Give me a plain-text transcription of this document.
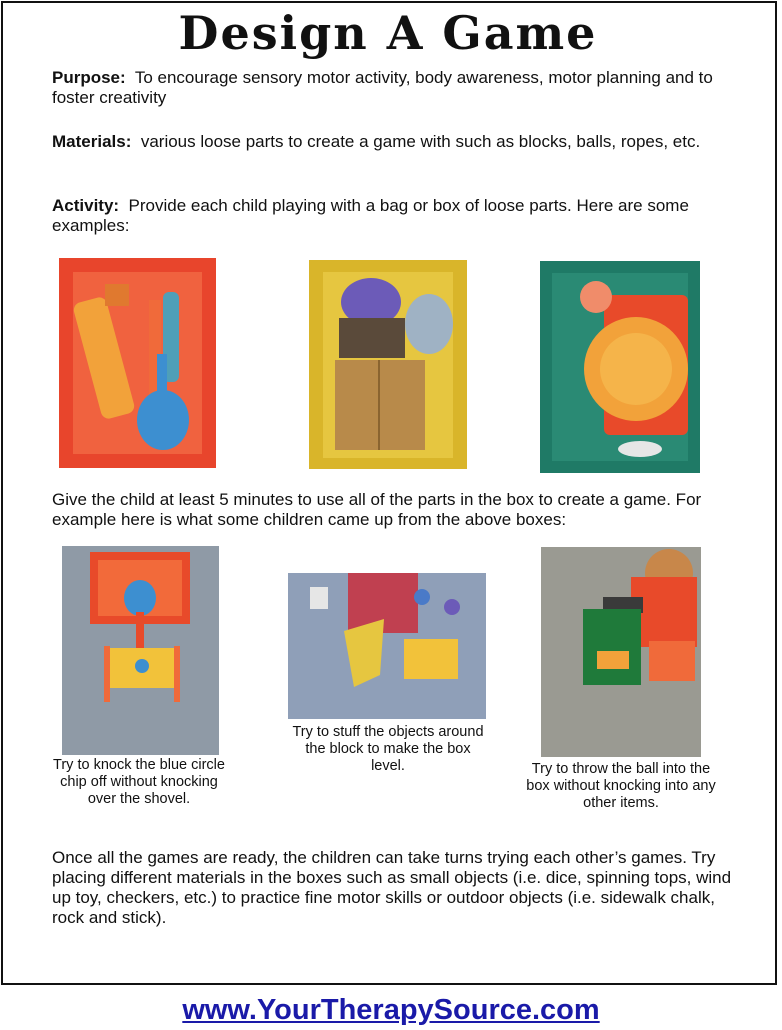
Design A Game
Purpose: To encourage sensory motor activity, body awareness, motor planning and to foster creativity
Materials: various loose parts to create a game with such as blocks, balls, ropes, etc.
Activity: Provide each child playing with a bag or box of loose parts. Here are some examples:
Give the child at least 5 minutes to use all of the parts in the box to create a game. For example here is what some children came up from the above boxes:
Try to knock the blue circle chip off without knocking over the shovel.
Try to stuff the objects around the block to make the box level.	Try to throw the ball into the box without knocking into any other items.
Once all the games are ready, the children can take turns trying each other’s games. Try placing different materials in the boxes such as small objects (i.e. dice, spinning tops, wind up toy, checkers, etc.) to practice fine motor skills or outdoor objects (i.e. sidewalk chalk, rock and stick).
www.YourTherapySource.com
